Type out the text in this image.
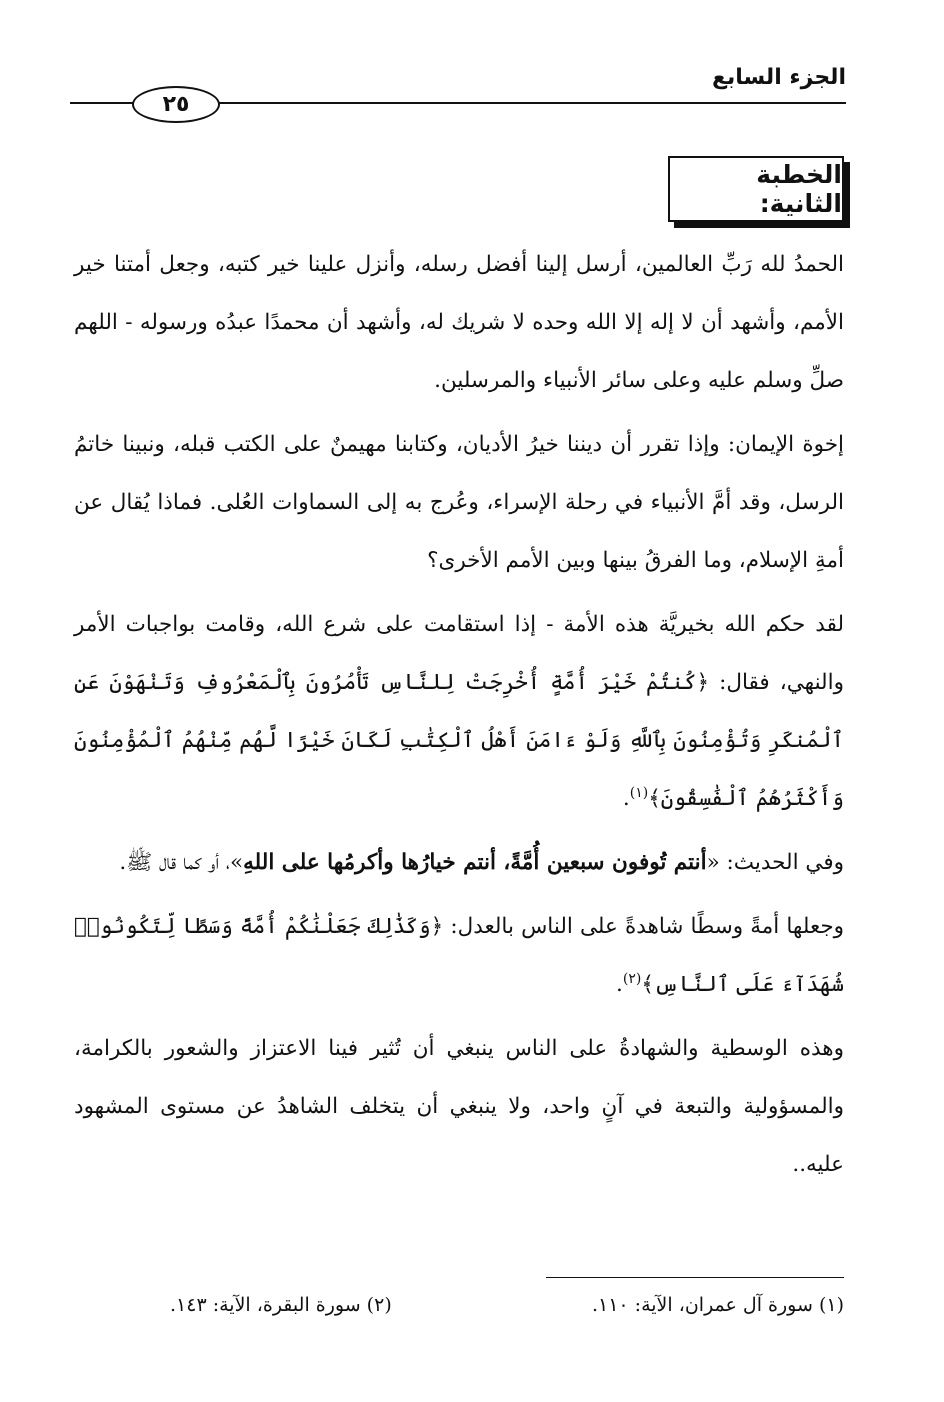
٢٥
الجزء السابع
الخطبة الثانية:

الحمدُ لله رَبِّ العالمين، أرسل إلينا أفضل رسله، وأنزل علينا خير كتبه، وجعل أمتنا خير الأمم، وأشهد أن لا إله إلا الله وحده لا شريك له، وأشهد أن محمدًا عبدُه ورسوله - اللهم صلِّ وسلم عليه وعلى سائر الأنبياء والمرسلين.

إخوة الإيمان: وإذا تقرر أن ديننا خيرُ الأديان، وكتابنا مهيمنٌ على الكتب قبله، ونبينا خاتمُ الرسل، وقد أمَّ الأنبياء في رحلة الإسراء، وعُرج به إلى السماوات العُلى. فماذا يُقال عن أمةِ الإسلام، وما الفرقُ بينها وبين الأمم الأخرى؟

لقد حكم الله بخيريَّة هذه الأمة - إذا استقامت على شرع الله، وقامت بواجبات الأمر والنهي، فقال: ﴿كُنتُمْ خَيْرَ أُمَّةٍ أُخْرِجَتْ لِلنَّاسِ تَأْمُرُونَ بِٱلْمَعْرُوفِ وَتَنْهَوْنَ عَنِ ٱلْمُنكَرِ وَتُؤْمِنُونَ بِٱللَّهِ وَلَوْ ءَامَنَ أَهْلُ ٱلْكِتَٰبِ لَكَانَ خَيْرًا لَّهُم مِّنْهُمُ ٱلْمُؤْمِنُونَ وَأَكْثَرُهُمُ ٱلْفَٰسِقُونَ﴾$^{(١)}$.

وفي الحديث: «أنتم تُوفون سبعين أُمَّةً، أنتم خيارُها وأكرمُها على اللهِ»، أو كما قال ﷺ.

وجعلها أمةً وسطًا شاهدةً على الناس بالعدل: ﴿وَكَذَٰلِكَ جَعَلْنَٰكُمْ أُمَّةً وَسَطًا لِّتَكُونُوا۟ شُهَدَآءَ عَلَى ٱلنَّاسِ﴾$^{(٢)}$.

وهذه الوسطية والشهادةُ على الناس ينبغي أن تُثير فينا الاعتزاز والشعور بالكرامة، والمسؤولية والتبعة في آنٍ واحد، ولا ينبغي أن يتخلف الشاهدُ عن مستوى المشهود عليه..

(١) سورة آل عمران، الآية: ١١٠.
(٢) سورة البقرة، الآية: ١٤٣.
